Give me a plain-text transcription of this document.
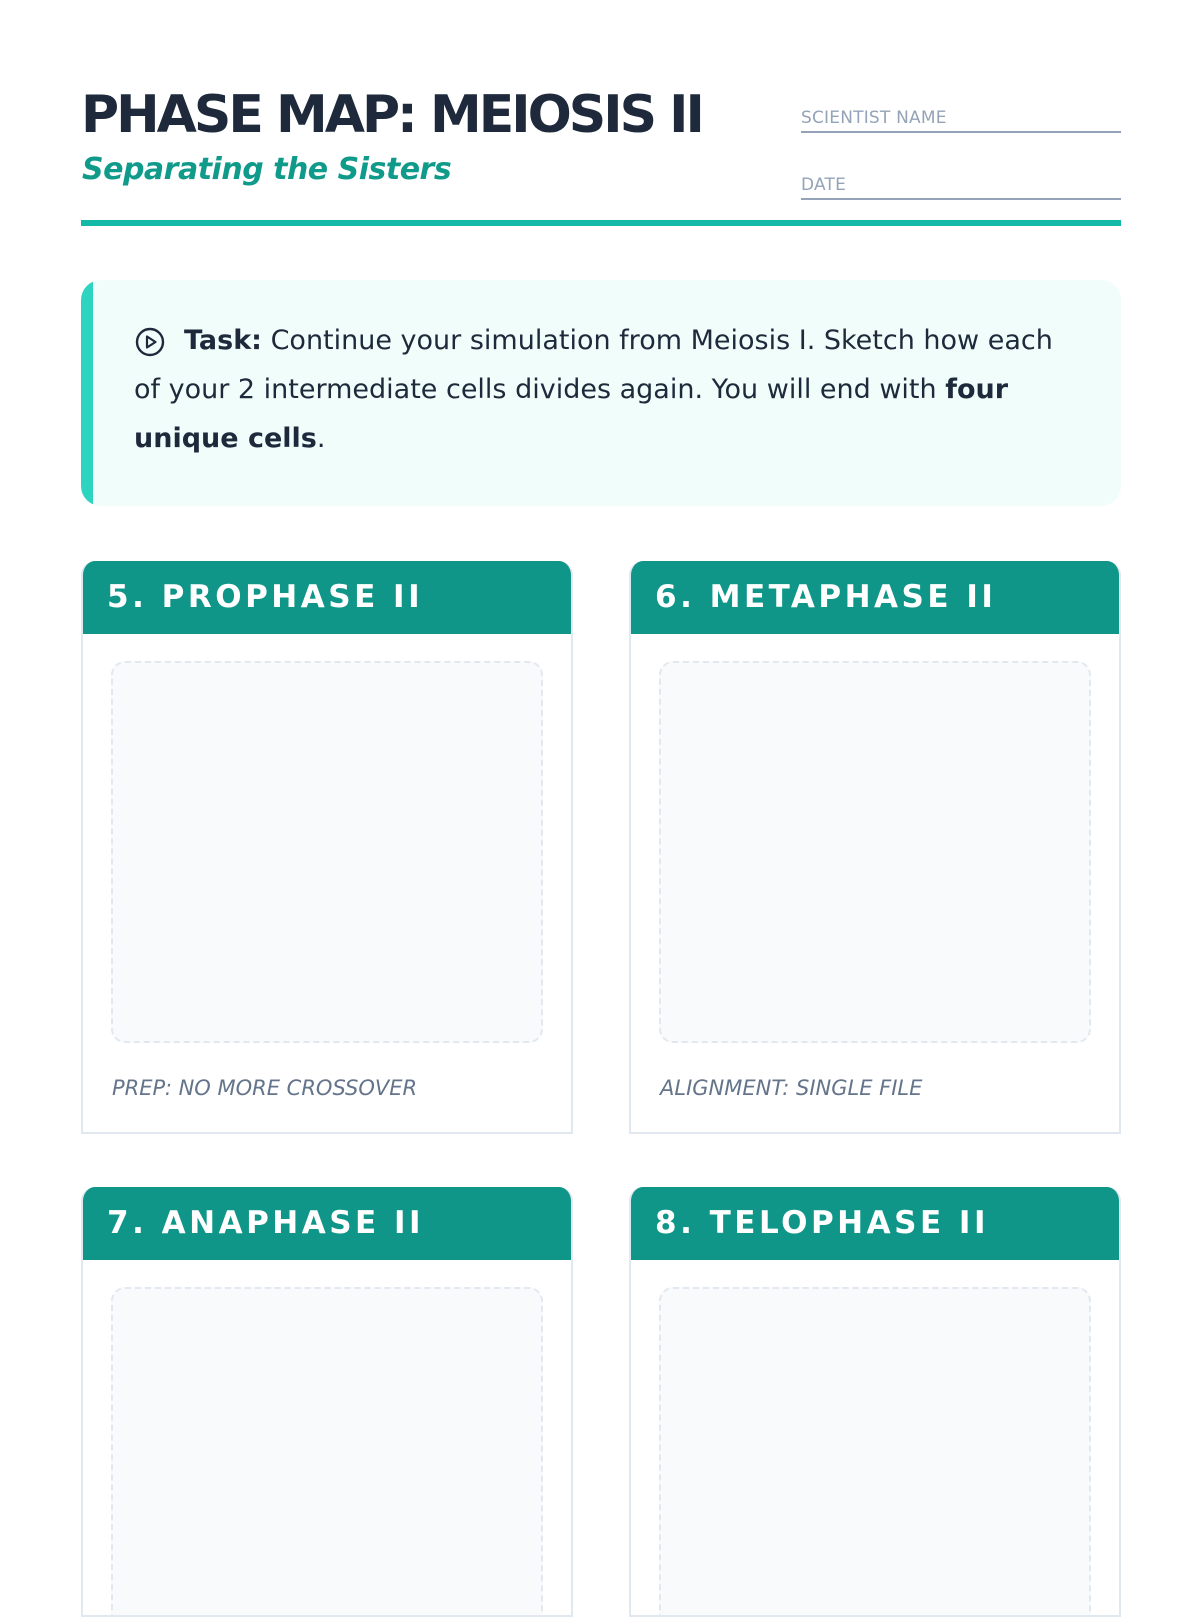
PHASE MAP: MEIOSIS II

Separating the Sisters

SCIENTIST NAME
DATE

Task: Continue your simulation from Meiosis I. Sketch how each of your 2 intermediate cells divides again. You will end with four unique cells.

5. PROPHASE II

PREP: NO MORE CROSSOVER

6. METAPHASE II

ALIGNMENT: SINGLE FILE

7. ANAPHASE II	8. TELOPHASE II
